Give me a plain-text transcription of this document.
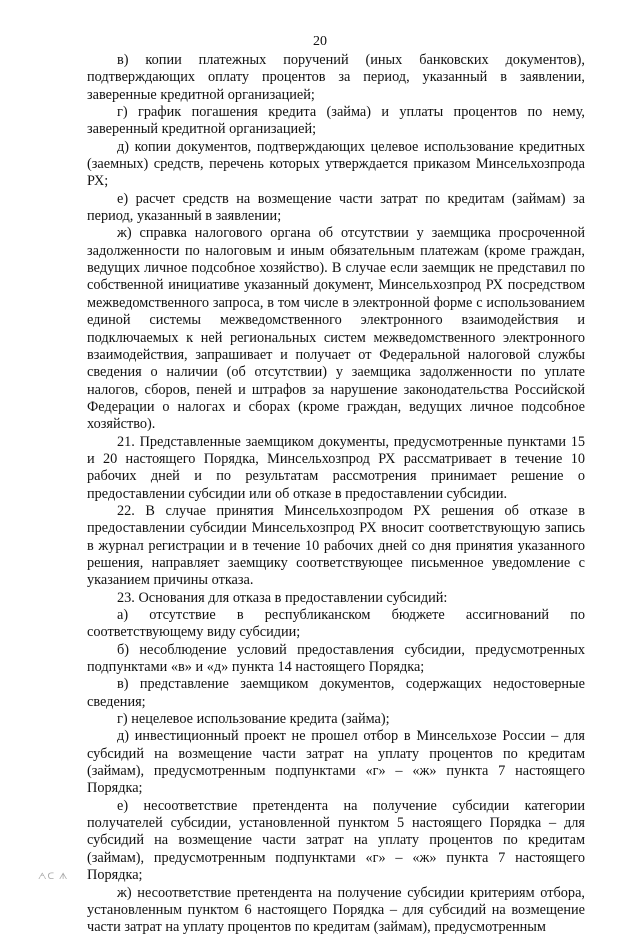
20

в) копии платежных поручений (иных банковских документов), подтверждающих оплату процентов за период, указанный в заявлении, заверенные кредитной организацией;

г) график погашения кредита (займа) и уплаты процентов по нему, заверенный кредитной организацией;

д) копии документов, подтверждающих целевое использование кредитных (заемных) средств, перечень которых утверждается приказом Минсельхозпрода РХ;

е) расчет средств на возмещение части затрат по кредитам (займам) за период, указанный в заявлении;

ж) справка налогового органа об отсутствии у заемщика просроченной задолженности по налоговым и иным обязательным платежам (кроме граждан, ведущих личное подсобное хозяйство). В случае если заемщик не представил по собственной инициативе указанный документ, Минсельхозпрод РХ посредством межведомственного запроса, в том числе в электронной форме с использованием единой системы межведомственного электронного взаимодействия и подключаемых к ней региональных систем межведомственного электронного взаимодействия, запрашивает и получает от Федеральной налоговой службы сведения о наличии (об отсутствии) у заемщика задолженности по уплате налогов, сборов, пеней и штрафов за нарушение законодательства Российской Федерации о налогах и сборах (кроме граждан, ведущих личное подсобное хозяйство).

21. Представленные заемщиком документы, предусмотренные пунктами 15 и 20 настоящего Порядка, Минсельхозпрод РХ рассматривает в течение 10 рабочих дней и по результатам рассмотрения принимает решение о предоставлении субсидии или об отказе в предоставлении субсидии.

22. В случае принятия Минсельхозпродом РХ решения об отказе в предоставлении субсидии Минсельхозпрод РХ вносит соответствующую запись в журнал регистрации и в течение 10 рабочих дней со дня принятия указанного решения, направляет заемщику соответствующее письменное уведомление с указанием причины отказа.

23. Основания для отказа в предоставлении субсидий:

а) отсутствие в республиканском бюджете ассигнований по соответствующему виду субсидии;

б) несоблюдение условий предоставления субсидии, предусмотренных подпунктами «в» и «д» пункта 14 настоящего Порядка;

в) представление заемщиком документов, содержащих недостоверные сведения;

г) нецелевое использование кредита (займа);

д) инвестиционный проект не прошел отбор в Минсельхозе России – для субсидий на возмещение части затрат на уплату процентов по кредитам (займам), предусмотренным подпунктами «г» – «ж» пункта 7 настоящего Порядка;

е) несоответствие претендента на получение субсидии категории получателей субсидии, установленной пунктом 5 настоящего Порядка – для субсидий на возмещение части затрат на уплату процентов по кредитам (займам), предусмотренным подпунктами «г» – «ж» пункта 7 настоящего Порядка;

ж) несоответствие претендента на получение субсидии критериям отбора, установленным пунктом 6 настоящего Порядка – для субсидий на возмещение части затрат на уплату процентов по кредитам (займам), предусмотренным

ᗅᑕ ᗑ
